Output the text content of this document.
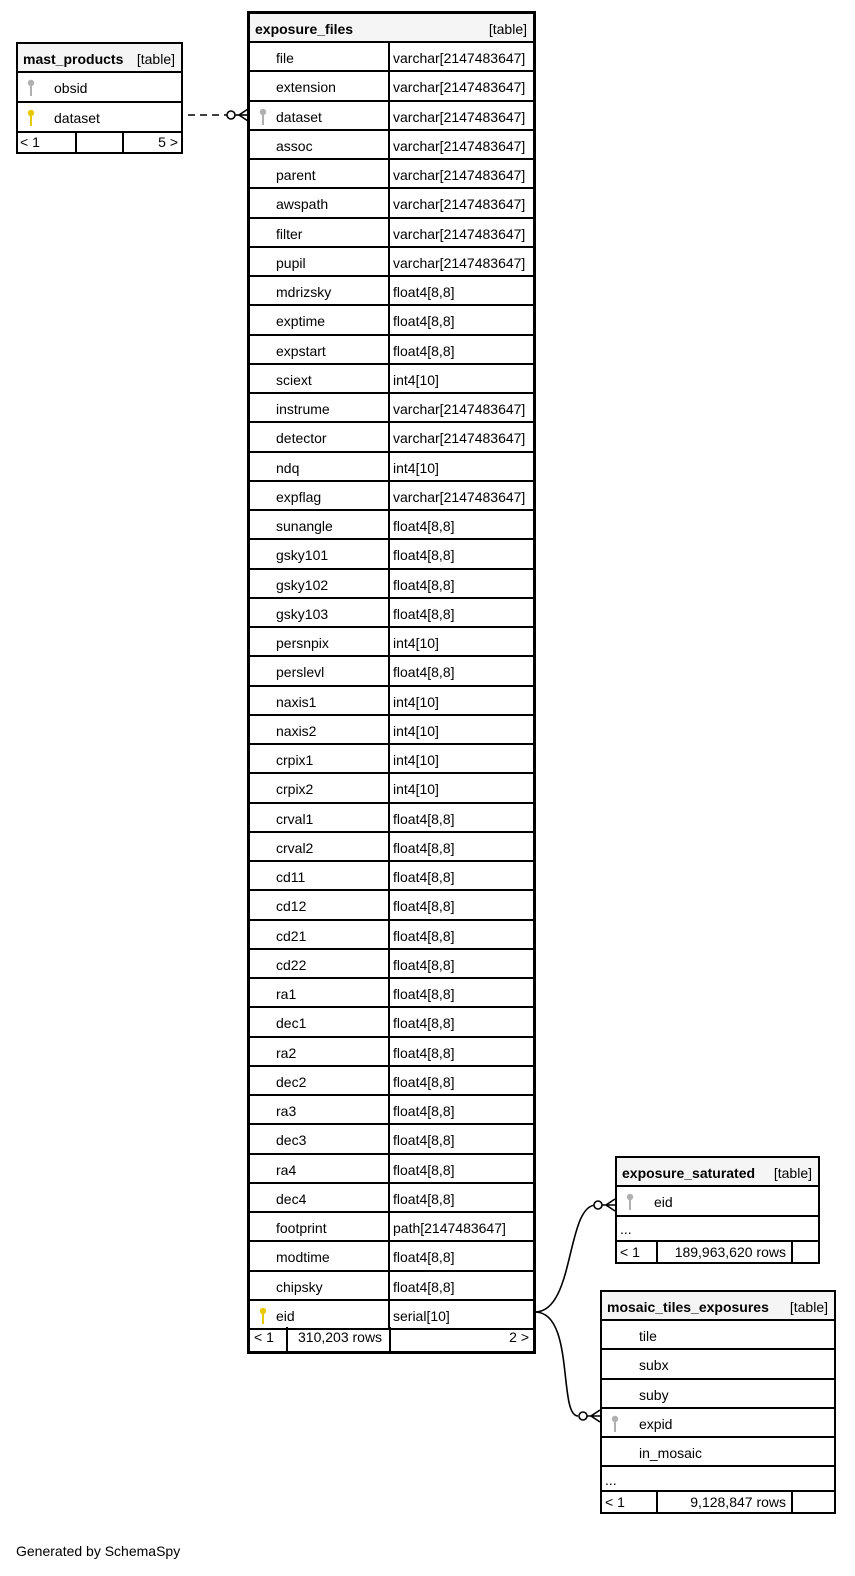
mast_products [table]
obsid
dataset
< 1	5 >
exposure_files	[table]
file	varchar[2147483647]
extension	varchar[2147483647]
dataset	varchar[2147483647]
assoc	varchar[2147483647]
parent	varchar[2147483647]
awspath	varchar[2147483647]
filter	varchar[2147483647]
pupil	varchar[2147483647]
mdrizsky	float4[8,8]
exptime	float4[8,8]
expstart	float4[8,8]
sciext	int4[10]
instrume	varchar[2147483647]
detector	varchar[2147483647]
ndq	int4[10]
expflag	varchar[2147483647]
sunangle	float4[8,8]
gsky101	float4[8,8]
gsky102	float4[8,8]
gsky103	float4[8,8]
persnpix	int4[10]
perslevl	float4[8,8]
naxis1	int4[10]
naxis2	int4[10]
crpix1	int4[10]
crpix2	int4[10]
crval1	float4[8,8]
crval2	float4[8,8]
cd11	float4[8,8]
cd12	float4[8,8]
cd21	float4[8,8]
cd22	float4[8,8]
ra1	float4[8,8]
dec1	float4[8,8]
ra2	float4[8,8]
dec2	float4[8,8]
ra3	float4[8,8]
dec3	float4[8,8]
ra4	float4[8,8]
dec4	float4[8,8]
footprint	path[2147483647]
modtime	float4[8,8]
chipsky	float4[8,8]
eid	serial[10]
< 1 310,203 rows	2 >
exposure_saturated [table]
eid
...
< 1 189,963,620 rows
mosaic_tiles_exposures [table]
tile
subx
suby
expid
in_mosaic
...
< 1	9,128,847 rows
Generated by SchemaSpy
